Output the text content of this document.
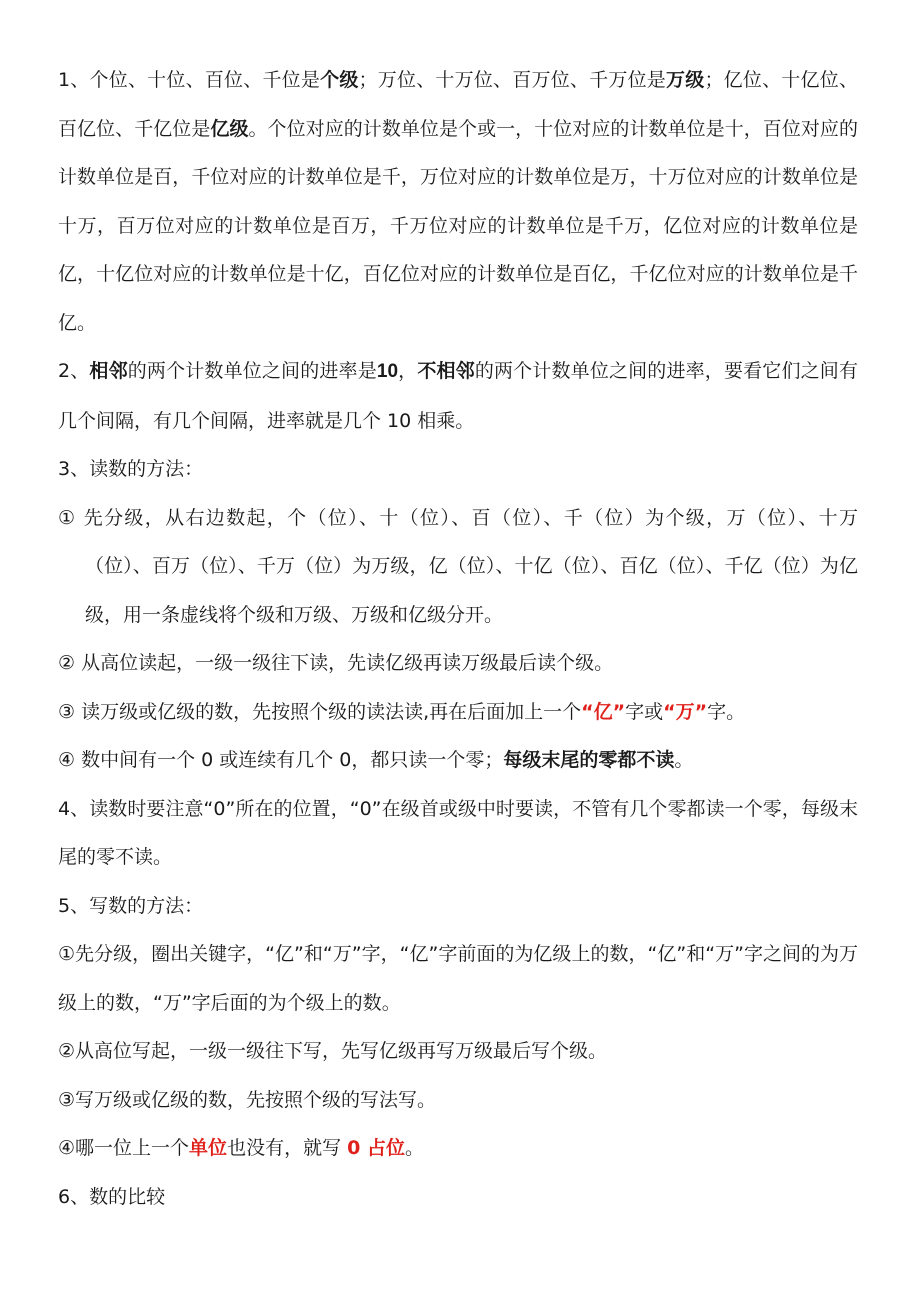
1、个位、十位、百位、千位是个级；万位、十万位、百万位、千万位是万级；亿位、十亿位、百亿位、千亿位是亿级。个位对应的计数单位是个或一，十位对应的计数单位是十，百位对应的计数单位是百，千位对应的计数单位是千，万位对应的计数单位是万，十万位对应的计数单位是十万，百万位对应的计数单位是百万，千万位对应的计数单位是千万，亿位对应的计数单位是亿，十亿位对应的计数单位是十亿，百亿位对应的计数单位是百亿，千亿位对应的计数单位是千亿。

2、相邻的两个计数单位之间的进率是10，不相邻的两个计数单位之间的进率，要看它们之间有几个间隔，有几个间隔，进率就是几个 10 相乘。

3、读数的方法：

① 先分级，从右边数起，个（位）、十（位）、百（位）、千（位）为个级，万（位）、十万（位）、百万（位）、千万（位）为万级，亿（位）、十亿（位）、百亿（位）、千亿（位）为亿级，用一条虚线将个级和万级、万级和亿级分开。

② 从高位读起，一级一级往下读，先读亿级再读万级最后读个级。

③ 读万级或亿级的数，先按照个级的读法读,再在后面加上一个“亿”字或“万”字。

④ 数中间有一个 0 或连续有几个 0，都只读一个零；每级末尾的零都不读。

4、读数时要注意“0”所在的位置，“0”在级首或级中时要读，不管有几个零都读一个零，每级末尾的零不读。

5、写数的方法：

①先分级，圈出关键字，“亿”和“万”字，“亿”字前面的为亿级上的数，“亿”和“万”字之间的为万级上的数，“万”字后面的为个级上的数。

②从高位写起，一级一级往下写，先写亿级再写万级最后写个级。

③写万级或亿级的数，先按照个级的写法写。

④哪一位上一个单位也没有，就写 0 占位。

6、数的比较
